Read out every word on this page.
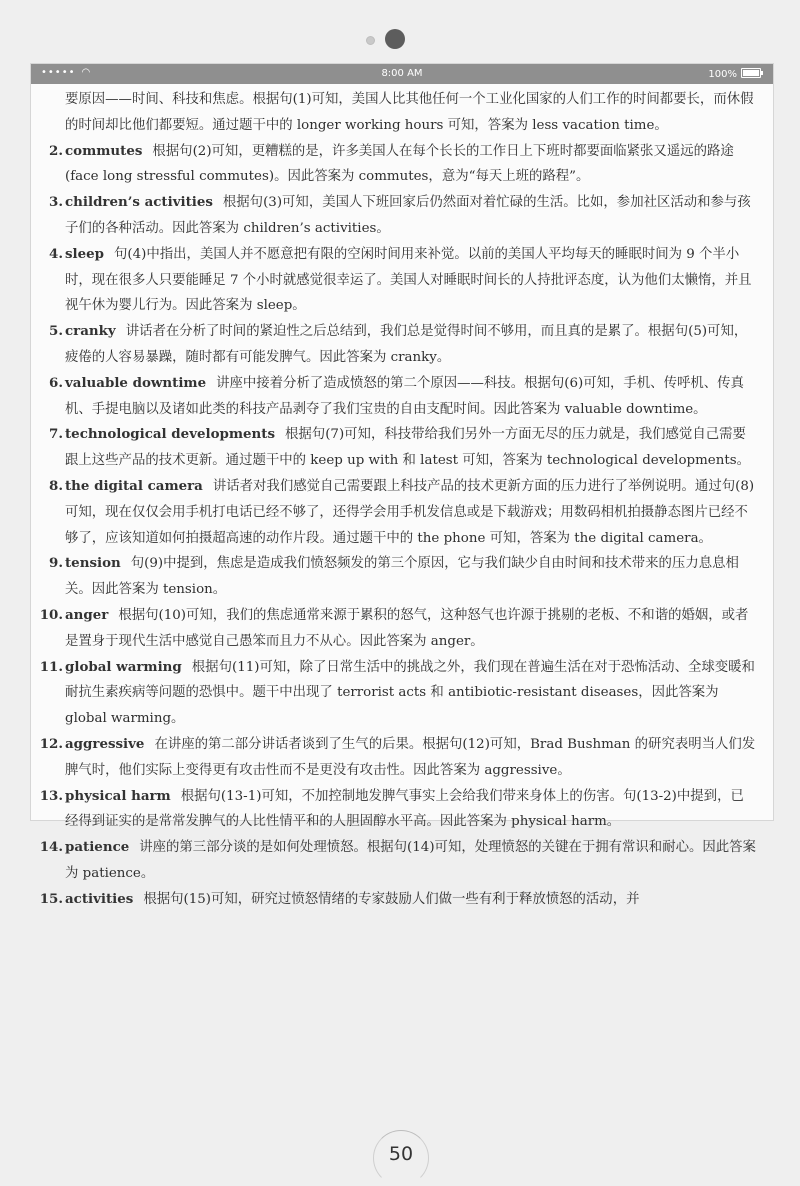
••••• ◠	8:00 AM	100%

要原因——时间、科技和焦虑。根据句(1)可知，美国人比其他任何一个工业化国家的人们工作的时间都要长，而休假的时间却比他们都要短。通过题干中的 longer working hours 可知，答案为 less vacation time。

2. commutes 根据句(2)可知，更糟糕的是，许多美国人在每个长长的工作日上下班时都要面临紧张又遥远的路途(face long stressful commutes)。因此答案为 commutes，意为“每天上班的路程”。

3. children’s activities 根据句(3)可知，美国人下班回家后仍然面对着忙碌的生活。比如，参加社区活动和参与孩子们的各种活动。因此答案为 children’s activities。

4. sleep 句(4)中指出，美国人并不愿意把有限的空闲时间用来补觉。以前的美国人平均每天的睡眠时间为 9 个半小时，现在很多人只要能睡足 7 个小时就感觉很幸运了。美国人对睡眠时间长的人持批评态度，认为他们太懒惰，并且视午休为婴儿行为。因此答案为 sleep。

5. cranky 讲话者在分析了时间的紧迫性之后总结到，我们总是觉得时间不够用，而且真的是累了。根据句(5)可知，疲倦的人容易暴躁，随时都有可能发脾气。因此答案为 cranky。

6. valuable downtime 讲座中接着分析了造成愤怒的第二个原因——科技。根据句(6)可知，手机、传呼机、传真机、手提电脑以及诸如此类的科技产品剥夺了我们宝贵的自由支配时间。因此答案为 valuable downtime。

7. technological developments 根据句(7)可知，科技带给我们另外一方面无尽的压力就是，我们感觉自己需要跟上这些产品的技术更新。通过题干中的 keep up with 和 latest 可知，答案为 technological developments。

8. the digital camera 讲话者对我们感觉自己需要跟上科技产品的技术更新方面的压力进行了举例说明。通过句(8)可知，现在仅仅会用手机打电话已经不够了，还得学会用手机发信息或是下载游戏；用数码相机拍摄静态图片已经不够了，应该知道如何拍摄超高速的动作片段。通过题干中的 the phone 可知，答案为 the digital camera。

9. tension 句(9)中提到，焦虑是造成我们愤怒频发的第三个原因，它与我们缺少自由时间和技术带来的压力息息相关。因此答案为 tension。

10. anger 根据句(10)可知，我们的焦虑通常来源于累积的怒气，这种怒气也许源于挑剔的老板、不和谐的婚姻，或者是置身于现代生活中感觉自己愚笨而且力不从心。因此答案为 anger。

11. global warming 根据句(11)可知，除了日常生活中的挑战之外，我们现在普遍生活在对于恐怖活动、全球变暖和耐抗生素疾病等问题的恐惧中。题干中出现了 terrorist acts 和 antibiotic-resistant diseases，因此答案为 global warming。

12. aggressive 在讲座的第二部分讲话者谈到了生气的后果。根据句(12)可知，Brad Bushman 的研究表明当人们发脾气时，他们实际上变得更有攻击性而不是更没有攻击性。因此答案为 aggressive。

13. physical harm 根据句(13-1)可知，不加控制地发脾气事实上会给我们带来身体上的伤害。句(13-2)中提到，已经得到证实的是常常发脾气的人比性情平和的人胆固醇水平高。因此答案为 physical harm。

14. patience 讲座的第三部分谈的是如何处理愤怒。根据句(14)可知，处理愤怒的关键在于拥有常识和耐心。因此答案为 patience。

15. activities 根据句(15)可知，研究过愤怒情绪的专家鼓励人们做一些有利于释放愤怒的活动，并

50
